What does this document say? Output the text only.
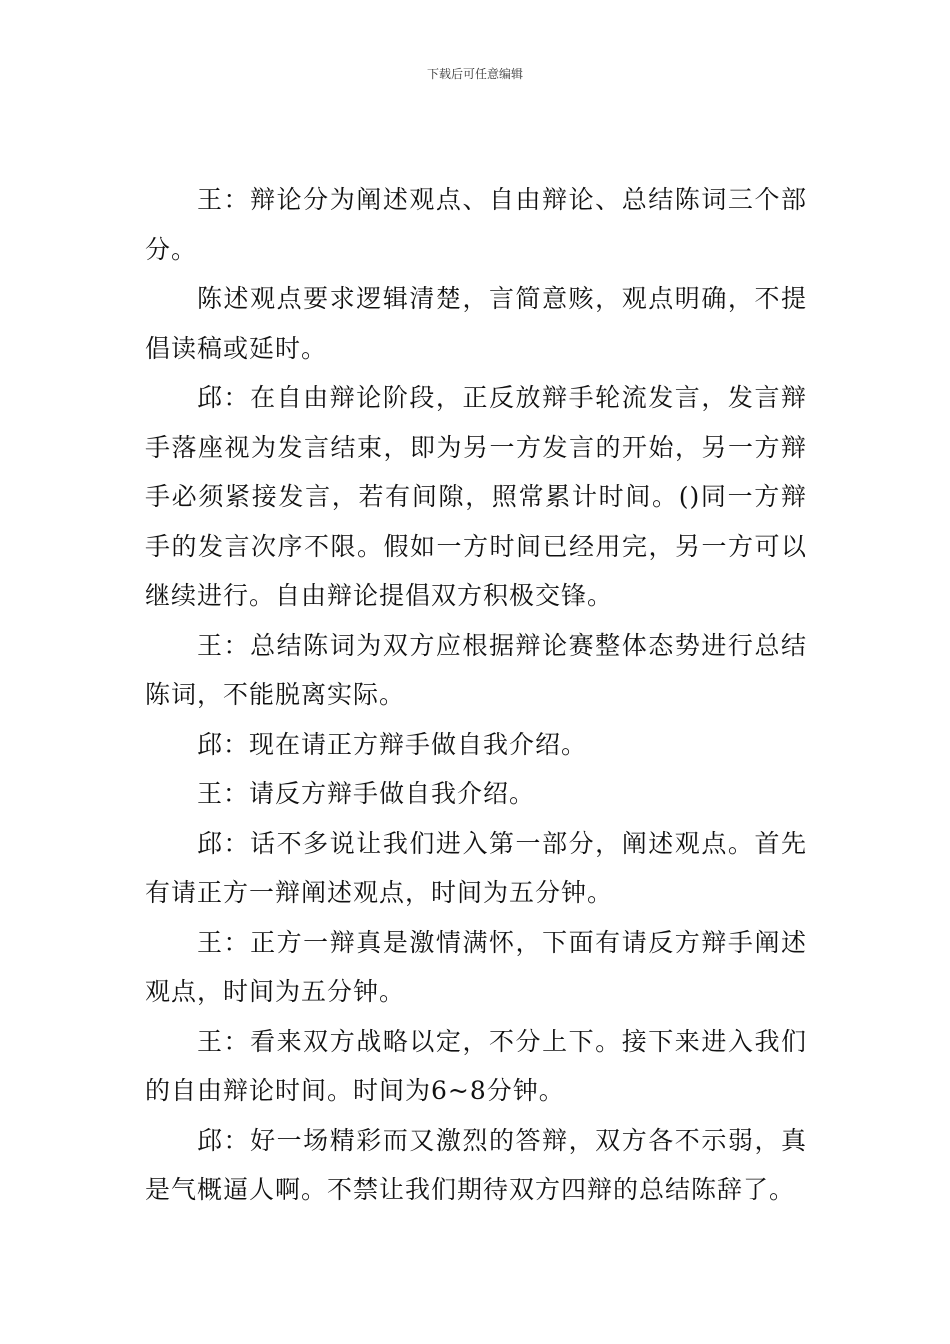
下载后可任意编辑

王：辩论分为阐述观点、自由辩论、总结陈词三个部分。

陈述观点要求逻辑清楚，言简意赅，观点明确，不提倡读稿或延时。

邱：在自由辩论阶段，正反放辩手轮流发言，发言辩手落座视为发言结束，即为另一方发言的开始，另一方辩手必须紧接发言，若有间隙，照常累计时间。()同一方辩手的发言次序不限。假如一方时间已经用完，另一方可以继续进行。自由辩论提倡双方积极交锋。

王：总结陈词为双方应根据辩论赛整体态势进行总结陈词，不能脱离实际。

邱：现在请正方辩手做自我介绍。

王：请反方辩手做自我介绍。

邱：话不多说让我们进入第一部分，阐述观点。首先有请正方一辩阐述观点，时间为五分钟。

王：正方一辩真是激情满怀，下面有请反方辩手阐述观点，时间为五分钟。

王：看来双方战略以定，不分上下。接下来进入我们的自由辩论时间。时间为6~8分钟。

邱：好一场精彩而又激烈的答辩，双方各不示弱，真是气概逼人啊。不禁让我们期待双方四辩的总结陈辞了。
